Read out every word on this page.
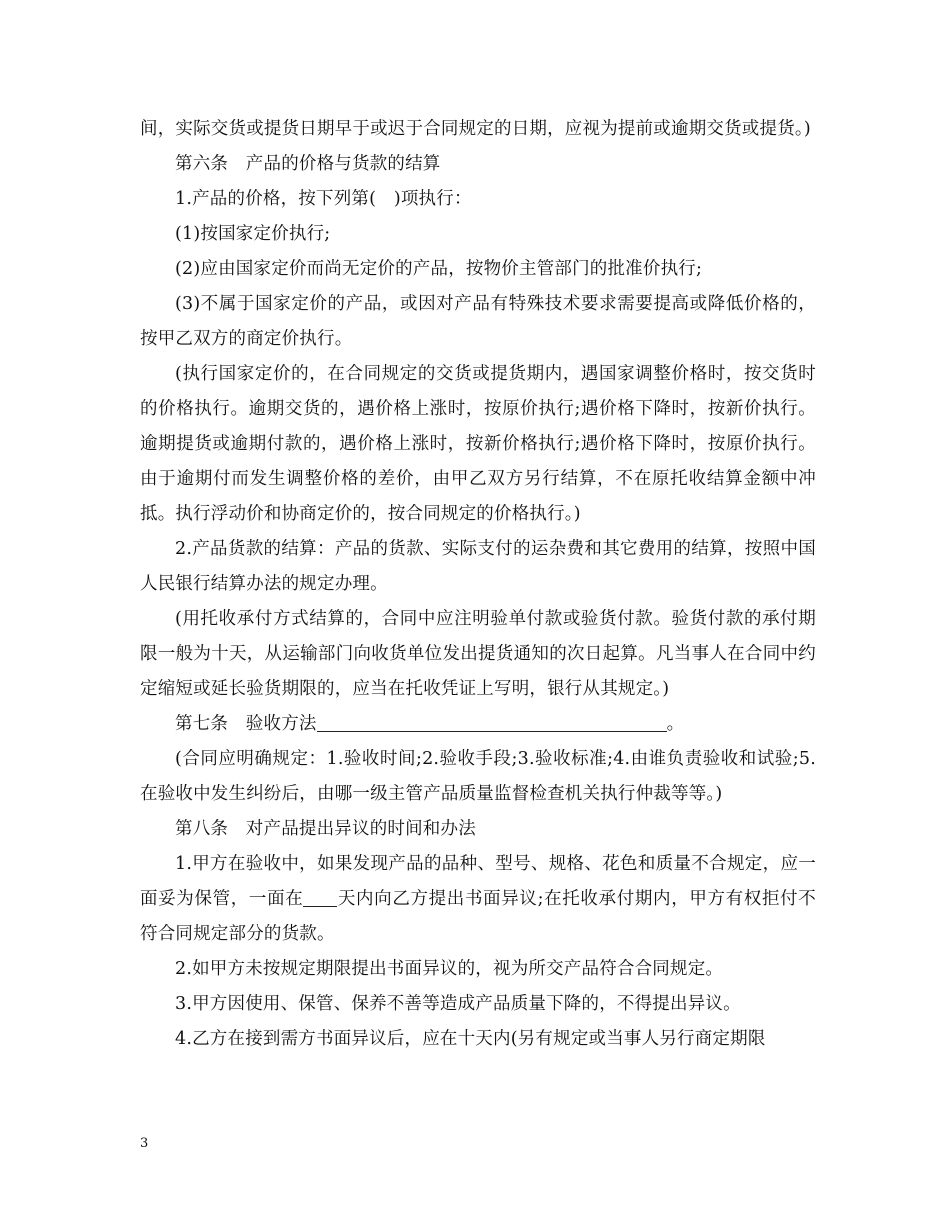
间，实际交货或提货日期早于或迟于合同规定的日期，应视为提前或逾期交货或提货。)

第六条　产品的价格与货款的结算

1.产品的价格，按下列第(　)项执行：

(1)按国家定价执行;

(2)应由国家定价而尚无定价的产品，按物价主管部门的批准价执行;

(3)不属于国家定价的产品，或因对产品有特殊技术要求需要提高或降低价格的，按甲乙双方的商定价执行。

(执行国家定价的，在合同规定的交货或提货期内，遇国家调整价格时，按交货时的价格执行。逾期交货的，遇价格上涨时，按原价执行;遇价格下降时，按新价执行。逾期提货或逾期付款的，遇价格上涨时，按新价格执行;遇价格下降时，按原价执行。由于逾期付而发生调整价格的差价，由甲乙双方另行结算，不在原托收结算金额中冲抵。执行浮动价和协商定价的，按合同规定的价格执行。)

2.产品货款的结算：产品的货款、实际支付的运杂费和其它费用的结算，按照中国人民银行结算办法的规定办理。

(用托收承付方式结算的，合同中应注明验单付款或验货付款。验货付款的承付期限一般为十天，从运输部门向收货单位发出提货通知的次日起算。凡当事人在合同中约定缩短或延长验货期限的，应当在托收凭证上写明，银行从其规定。)

第七条　验收方法	。

(合同应明确规定：1.验收时间;2.验收手段;3.验收标准;4.由谁负责验收和试验;5.在验收中发生纠纷后，由哪一级主管产品质量监督检查机关执行仲裁等等。)

第八条　对产品提出异议的时间和办法

1.甲方在验收中，如果发现产品的品种、型号、规格、花色和质量不合规定，应一面妥为保管，一面在 天内向乙方提出书面异议;在托收承付期内，甲方有权拒付不符合同规定部分的货款。

2.如甲方未按规定期限提出书面异议的，视为所交产品符合合同规定。

3.甲方因使用、保管、保养不善等造成产品质量下降的，不得提出异议。

4.乙方在接到需方书面异议后，应在十天内(另有规定或当事人另行商定期限

3
